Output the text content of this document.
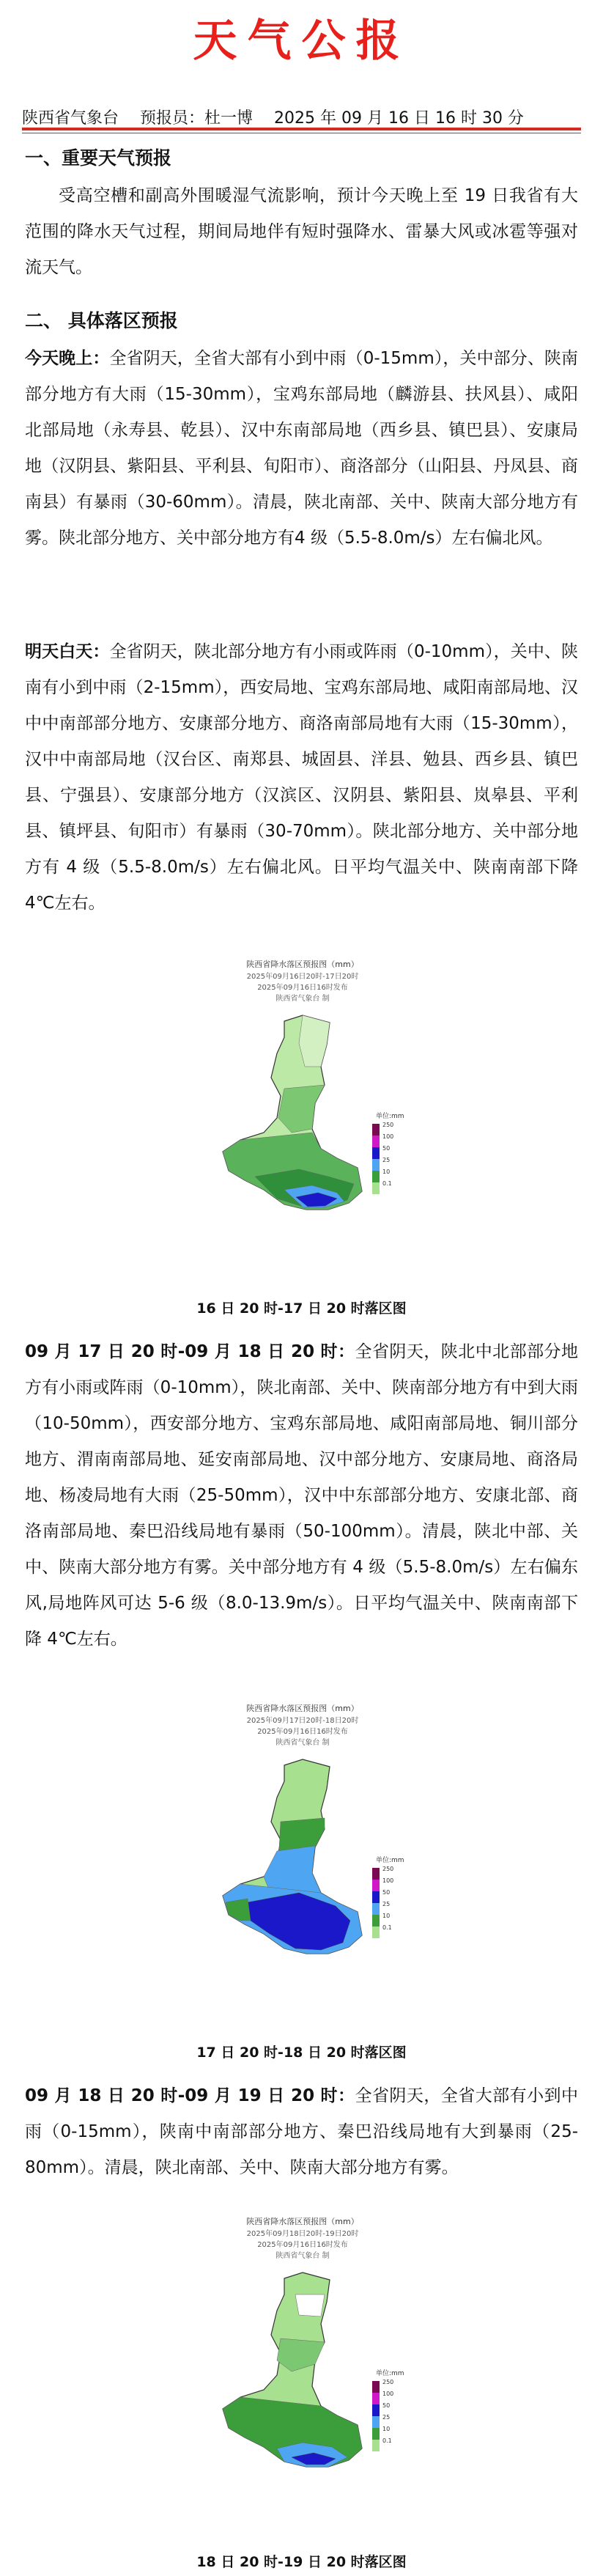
天气公报
陕西省气象台 预报员：杜一博 2025 年 09 月 16 日 16 时 30 分
一、重要天气预报
受高空槽和副高外围暖湿气流影响，预计今天晚上至 19 日我省有大范围的降水天气过程，期间局地伴有短时强降水、雷暴大风或冰雹等强对流天气。
二、 具体落区预报
今天晚上：全省阴天，全省大部有小到中雨（0-15mm），关中部分、陕南部分地方有大雨（15-30mm），宝鸡东部局地（麟游县、扶风县）、咸阳北部局地（永寿县、乾县）、汉中东南部局地（西乡县、镇巴县）、安康局地（汉阴县、紫阳县、平利县、旬阳市）、商洛部分（山阳县、丹凤县、商南县）有暴雨（30-60mm）。清晨，陕北南部、关中、陕南大部分地方有雾。陕北部分地方、关中部分地方有4 级（5.5-8.0m/s）左右偏北风。
明天白天：全省阴天，陕北部分地方有小雨或阵雨（0-10mm），关中、陕南有小到中雨（2-15mm），西安局地、宝鸡东部局地、咸阳南部局地、汉中中南部部分地方、安康部分地方、商洛南部局地有大雨（15-30mm），汉中中南部局地（汉台区、南郑县、城固县、洋县、勉县、西乡县、镇巴县、宁强县）、安康部分地方（汉滨区、汉阴县、紫阳县、岚皋县、平利县、镇坪县、旬阳市）有暴雨（30-70mm）。陕北部分地方、关中部分地方有 4 级（5.5-8.0m/s）左右偏北风。日平均气温关中、陕南南部下降 4℃左右。
陕西省降水落区预报图（mm）
2025年09月16日20时-17日20时
2025年09月16日16时发布
陕西省气象台 制
单位:mm
250
100
50
25
10
0.1
16 日 20 时-17 日 20 时落区图
09 月 17 日 20 时-09 月 18 日 20 时：全省阴天，陕北中北部部分地方有小雨或阵雨（0-10mm），陕北南部、关中、陕南部分地方有中到大雨（10-50mm），西安部分地方、宝鸡东部局地、咸阳南部局地、铜川部分地方、渭南南部局地、延安南部局地、汉中部分地方、安康局地、商洛局地、杨凌局地有大雨（25-50mm），汉中中东部部分地方、安康北部、商洛南部局地、秦巴沿线局地有暴雨（50-100mm）。清晨，陕北中部、关中、陕南大部分地方有雾。关中部分地方有 4 级（5.5-8.0m/s）左右偏东风,局地阵风可达 5-6 级（8.0-13.9m/s）。日平均气温关中、陕南南部下降 4℃左右。
陕西省降水落区预报图（mm）
2025年09月17日20时-18日20时
2025年09月16日16时发布
陕西省气象台 制
单位:mm
250
100
50
25
10
0.1
17 日 20 时-18 日 20 时落区图
09 月 18 日 20 时-09 月 19 日 20 时：全省阴天，全省大部有小到中雨（0-15mm），陕南中南部部分地方、秦巴沿线局地有大到暴雨（25-80mm）。清晨，陕北南部、关中、陕南大部分地方有雾。
陕西省降水落区预报图（mm）
2025年09月18日20时-19日20时
2025年09月16日16时发布
陕西省气象台 制
单位:mm
250
100
50
25
10
0.1
18 日 20 时-19 日 20 时落区图
